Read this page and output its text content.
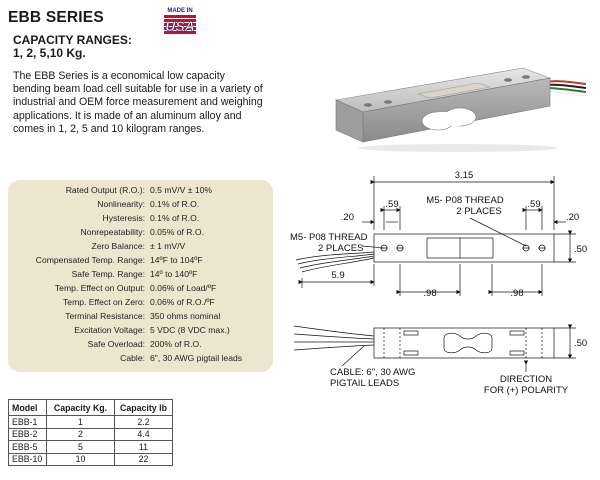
EBB SERIES	MADE IN
USA
CAPACITY RANGES:
1, 2, 5,10 Kg.
The EBB Series is a economical low capacity bending beam load cell suitable for use in a variety of industrial and OEM force measurement and weighing applications. It is made of an aluminum alloy and comes in 1, 2, 5 and 10 kilogram ranges.
Rated Output (R.O.): 0.5 mV/V ± 10%
Nonlinearity: 0.1% of R.O.
Hysteresis: 0.1% of R.O.
Nonrepeatability: 0.05% of R.O.
Zero Balance: ± 1 mV/V
Compensated Temp. Range: 14ºF to 104ºF
Safe Temp. Range: 14º to 140ºF
Temp. Effect on Output: 0.06% of Load/ºF
Temp. Effect on Zero: 0.06% of R.O./ºF
Terminal Resistance: 350 ohms nominal
Excitation Voltage: 5 VDC (8 VDC max.)
Safe Overload: 200% of R.O.
Cable: 6", 30 AWG pigtail leads
Model	Capacity Kg.	Capacity lb
EBB-1	1	2.2
EBB-2	2	4.4
EBB-5	5	11
EBB-10	10	22
3.15
.20	.20
.59	.59
M5- P08 THREAD
2 PLACES
M5- P08 THREAD
2 PLACES
5.9
.98	.98
.50
.50
CABLE: 6", 30 AWG
PIGTAIL LEADS	DIRECTION
FOR (+) POLARITY
